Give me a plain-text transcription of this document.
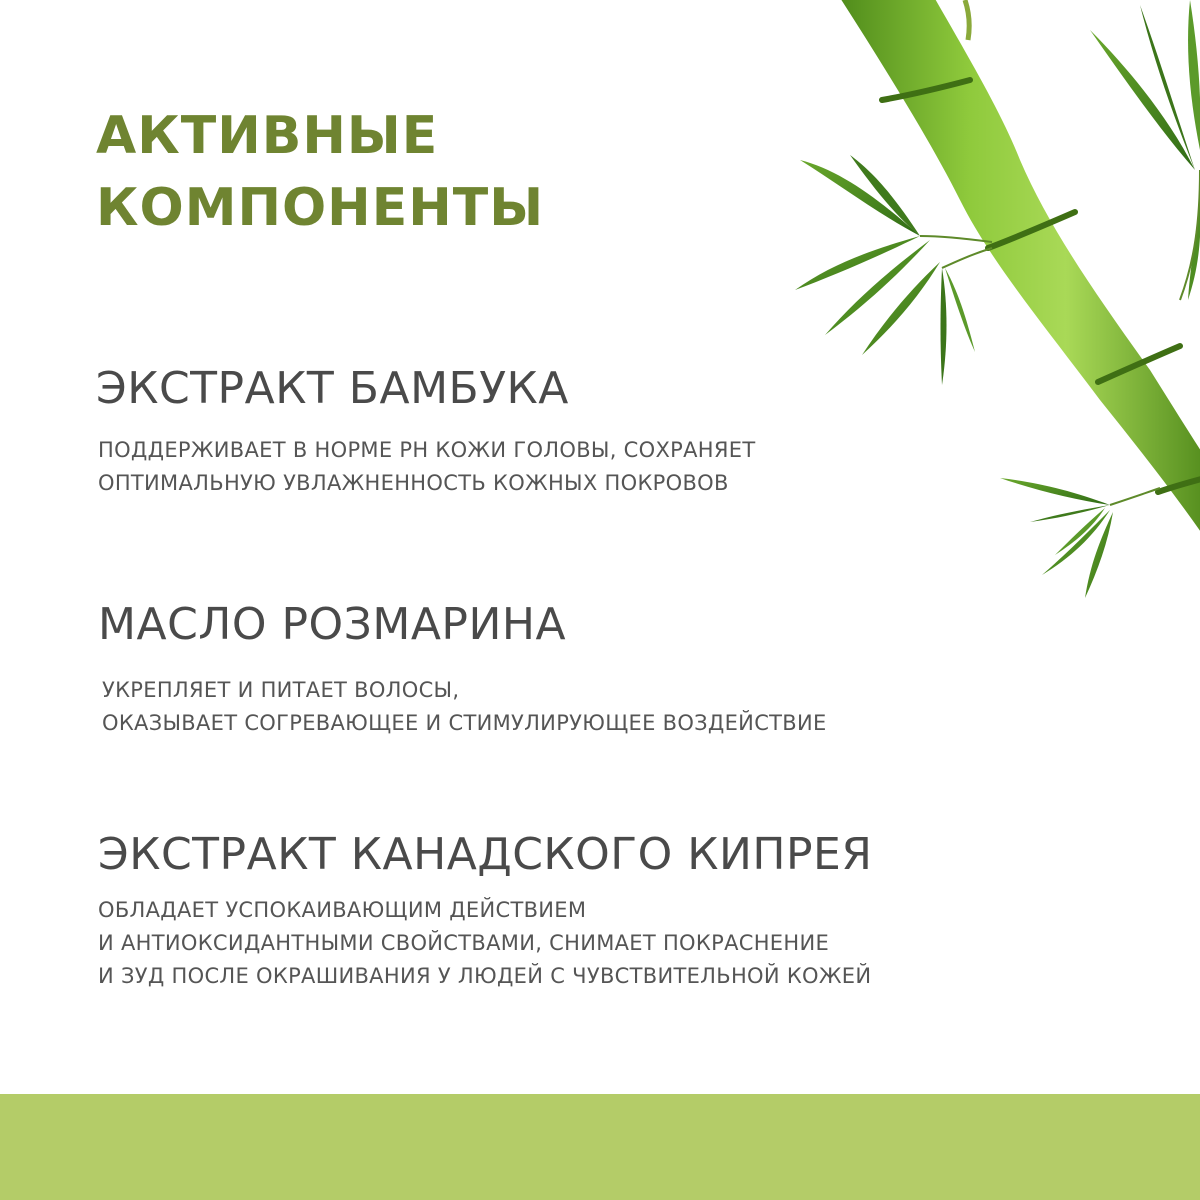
АКТИВНЫЕ
КОМПОНЕНТЫ
ЭКСТРАКТ БАМБУКА

ПОДДЕРЖИВАЕТ В НОРМЕ PH КОЖИ ГОЛОВЫ, СОХРАНЯЕТ
ОПТИМАЛЬНУЮ УВЛАЖНЕННОСТЬ КОЖНЫХ ПОКРОВОВ

МАСЛО РОЗМАРИНА

УКРЕПЛЯЕТ И ПИТАЕТ ВОЛОСЫ,
ОКАЗЫВАЕТ СОГРЕВАЮЩЕЕ И СТИМУЛИРУЮЩЕЕ ВОЗДЕЙСТВИЕ

ЭКСТРАКТ КАНАДСКОГО КИПРЕЯ

ОБЛАДАЕТ УСПОКАИВАЮЩИМ ДЕЙСТВИЕМ
И АНТИОКСИДАНТНЫМИ СВОЙСТВАМИ, СНИМАЕТ ПОКРАСНЕНИЕ
И ЗУД ПОСЛЕ ОКРАШИВАНИЯ У ЛЮДЕЙ С ЧУВСТВИТЕЛЬНОЙ КОЖЕЙ
